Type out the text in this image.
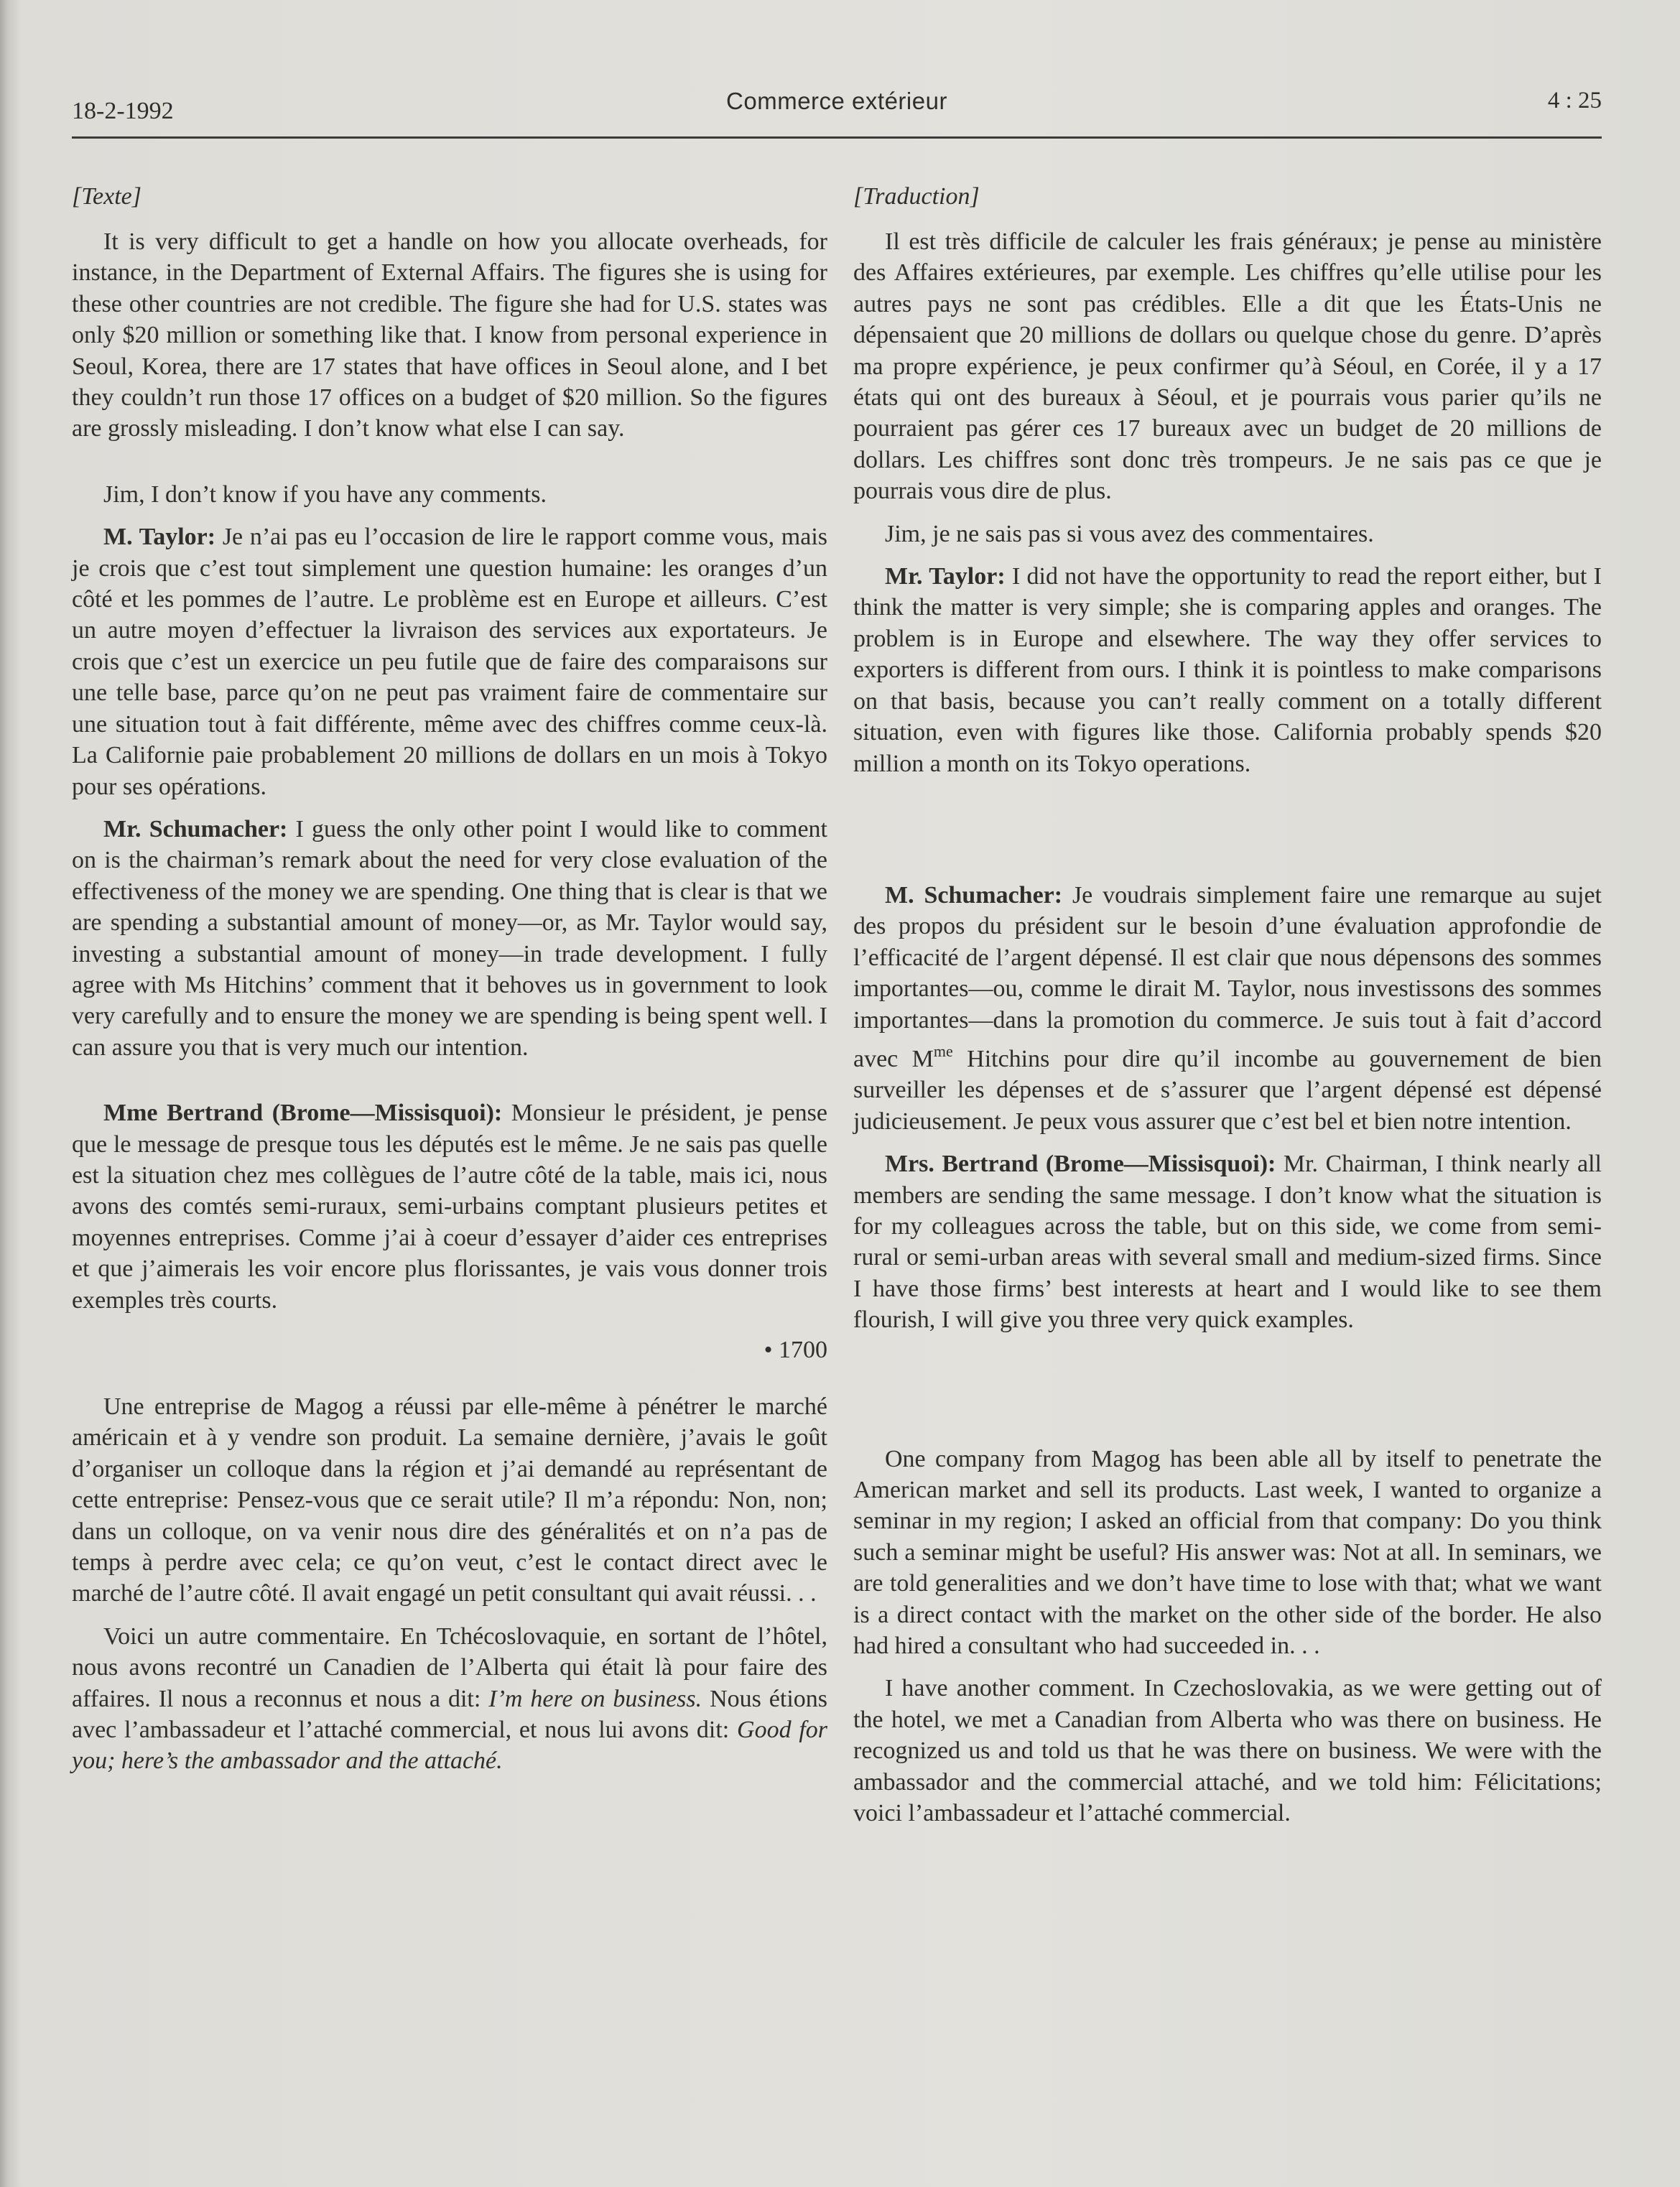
18-2-1992	Commerce extérieur	4 : 25
[Texte]

It is very difficult to get a handle on how you allocate overheads, for instance, in the Department of External Affairs. The figures she is using for these other countries are not credible. The figure she had for U.S. states was only $20 million or something like that. I know from personal experience in Seoul, Korea, there are 17 states that have offices in Seoul alone, and I bet they couldn’t run those 17 offices on a budget of $20 million. So the figures are grossly misleading. I don’t know what else I can say.

Jim, I don’t know if you have any comments.

M. Taylor: Je n’ai pas eu l’occasion de lire le rapport comme vous, mais je crois que c’est tout simplement une question humaine: les oranges d’un côté et les pommes de l’autre. Le problème est en Europe et ailleurs. C’est un autre moyen d’effectuer la livraison des services aux exportateurs. Je crois que c’est un exercice un peu futile que de faire des comparaisons sur une telle base, parce qu’on ne peut pas vraiment faire de commentaire sur une situation tout à fait différente, même avec des chiffres comme ceux-là. La Californie paie probablement 20 millions de dollars en un mois à Tokyo pour ses opérations.

Mr. Schumacher: I guess the only other point I would like to comment on is the chairman’s remark about the need for very close evaluation of the effectiveness of the money we are spending. One thing that is clear is that we are spending a substantial amount of money—or, as Mr. Taylor would say, investing a substantial amount of money—in trade development. I fully agree with Ms Hitchins’ comment that it behoves us in government to look very carefully and to ensure the money we are spending is being spent well. I can assure you that is very much our intention.

Mme Bertrand (Brome—Missisquoi): Monsieur le président, je pense que le message de presque tous les députés est le même. Je ne sais pas quelle est la situation chez mes collègues de l’autre côté de la table, mais ici, nous avons des comtés semi-ruraux, semi-urbains comptant plusieurs petites et moyennes entreprises. Comme j’ai à coeur d’essayer d’aider ces entreprises et que j’aimerais les voir encore plus florissantes, je vais vous donner trois exemples très courts.

• 1700

Une entreprise de Magog a réussi par elle-même à pénétrer le marché américain et à y vendre son produit. La semaine dernière, j’avais le goût d’organiser un colloque dans la région et j’ai demandé au représentant de cette entreprise: Pensez-vous que ce serait utile? Il m’a répondu: Non, non; dans un colloque, on va venir nous dire des généralités et on n’a pas de temps à perdre avec cela; ce qu’on veut, c’est le contact direct avec le marché de l’autre côté. Il avait engagé un petit consultant qui avait réussi. . .

Voici un autre commentaire. En Tchécoslovaquie, en sortant de l’hôtel, nous avons recontré un Canadien de l’Alberta qui était là pour faire des affaires. Il nous a reconnus et nous a dit: I’m here on business. Nous étions avec l’ambassadeur et l’attaché commercial, et nous lui avons dit: Good for you; here’s the ambassador and the attaché.

[Traduction]

Il est très difficile de calculer les frais généraux; je pense au ministère des Affaires extérieures, par exemple. Les chiffres qu’elle utilise pour les autres pays ne sont pas crédibles. Elle a dit que les États-Unis ne dépensaient que 20 millions de dollars ou quelque chose du genre. D’après ma propre expérience, je peux confirmer qu’à Séoul, en Corée, il y a 17 états qui ont des bureaux à Séoul, et je pourrais vous parier qu’ils ne pourraient pas gérer ces 17 bureaux avec un budget de 20 millions de dollars. Les chiffres sont donc très trompeurs. Je ne sais pas ce que je pourrais vous dire de plus.

Jim, je ne sais pas si vous avez des commentaires.

Mr. Taylor: I did not have the opportunity to read the report either, but I think the matter is very simple; she is comparing apples and oranges. The problem is in Europe and elsewhere. The way they offer services to exporters is different from ours. I think it is pointless to make comparisons on that basis, because you can’t really comment on a totally different situation, even with figures like those. California probably spends $20 million a month on its Tokyo operations.

M. Schumacher: Je voudrais simplement faire une remarque au sujet des propos du président sur le besoin d’une évaluation approfondie de l’efficacité de l’argent dépensé. Il est clair que nous dépensons des sommes importantes—ou, comme le dirait M. Taylor, nous investissons des sommes importantes—dans la promotion du commerce. Je suis tout à fait d’accord avec $M^{me}$ Hitchins pour dire qu’il incombe au gouvernement de bien surveiller les dépenses et de s’assurer que l’argent dépensé est dépensé judicieusement. Je peux vous assurer que c’est bel et bien notre intention.

Mrs. Bertrand (Brome—Missisquoi): Mr. Chairman, I think nearly all members are sending the same message. I don’t know what the situation is for my colleagues across the table, but on this side, we come from semi-rural or semi-urban areas with several small and medium-sized firms. Since I have those firms’ best interests at heart and I would like to see them flourish, I will give you three very quick examples.

One company from Magog has been able all by itself to penetrate the American market and sell its products. Last week, I wanted to organize a seminar in my region; I asked an official from that company: Do you think such a seminar might be useful? His answer was: Not at all. In seminars, we are told generalities and we don’t have time to lose with that; what we want is a direct contact with the market on the other side of the border. He also had hired a consultant who had succeeded in. . .

I have another comment. In Czechoslovakia, as we were getting out of the hotel, we met a Canadian from Alberta who was there on business. He recognized us and told us that he was there on business. We were with the ambassador and the commercial attaché, and we told him: Félicitations; voici l’ambassadeur et l’attaché commercial.
